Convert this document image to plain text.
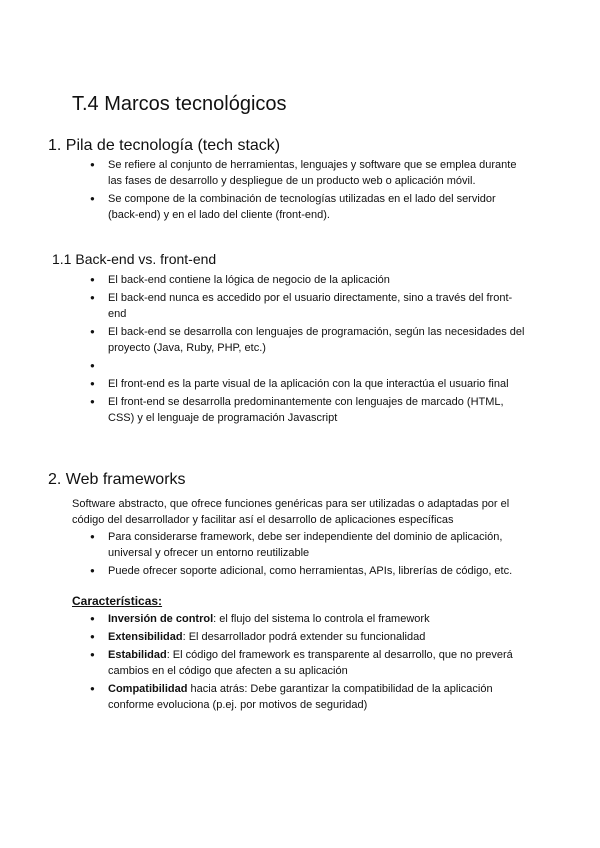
T.4 Marcos tecnológicos
1. Pila de tecnología (tech stack)
● Se refiere al conjunto de herramientas, lenguajes y software que se emplea durante las fases de desarrollo y despliegue de un producto web o aplicación móvil.
● Se compone de la combinación de tecnologías utilizadas en el lado del servidor (back-end) y en el lado del cliente (front-end).
1.1 Back-end vs. front-end
● El back-end contiene la lógica de negocio de la aplicación
● El back-end nunca es accedido por el usuario directamente, sino a través del front-end
● El back-end se desarrolla con lenguajes de programación, según las necesidades del proyecto (Java, Ruby, PHP, etc.)
●
● El front-end es la parte visual de la aplicación con la que interactúa el usuario final
● El front-end se desarrolla predominantemente con lenguajes de marcado (HTML, CSS) y el lenguaje de programación Javascript
2. Web frameworks

Software abstracto, que ofrece funciones genéricas para ser utilizadas o adaptadas por el código del desarrollador y facilitar así el desarrollo de aplicaciones específicas

● Para considerarse framework, debe ser independiente del dominio de aplicación, universal y ofrecer un entorno reutilizable
● Puede ofrecer soporte adicional, como herramientas, APIs, librerías de código, etc.
Características:
● Inversión de control: el flujo del sistema lo controla el framework
● Extensibilidad: El desarrollador podrá extender su funcionalidad
● Estabilidad: El código del framework es transparente al desarrollo, que no preverá cambios en el código que afecten a su aplicación
● Compatibilidad hacia atrás: Debe garantizar la compatibilidad de la aplicación conforme evoluciona (p.ej. por motivos de seguridad)
